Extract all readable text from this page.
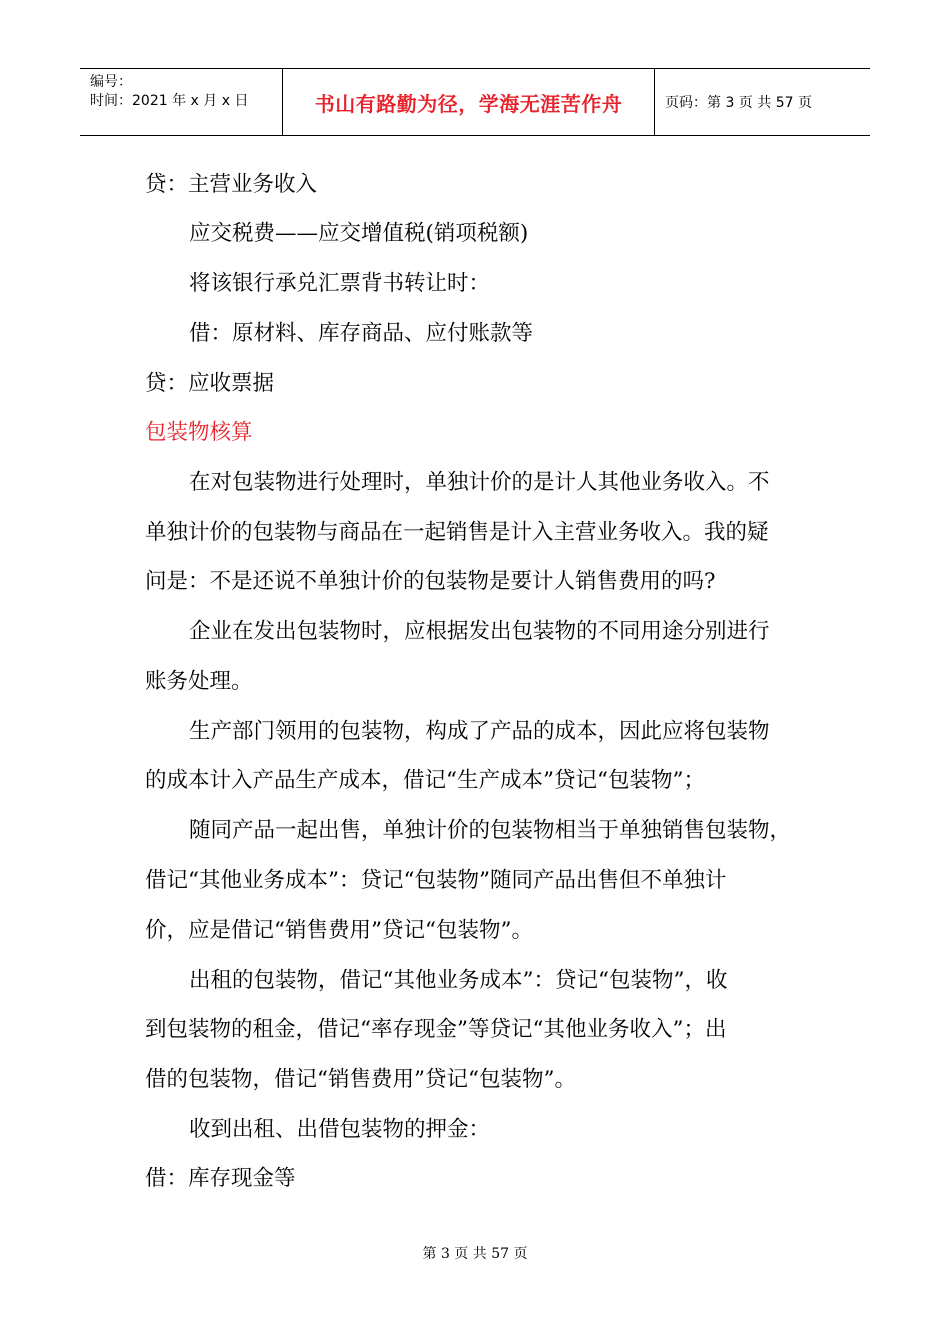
编号：
时间：2021 年 x 月 x 日	书山有路勤为径，学海无涯苦作舟	页码：第 3 页 共 57 页
贷：主营业务收入
应交税费——应交增值税(销项税额)
将该银行承兑汇票背书转让时：
借：原材料、库存商品、应付账款等
贷：应收票据
包装物核算
在对包装物进行处理时，单独计价的是计人其他业务收入。不
单独计价的包装物与商品在一起销售是计入主营业务收入。我的疑
问是：不是还说不单独计价的包装物是要计人销售费用的吗?
企业在发出包装物时，应根据发出包装物的不同用途分别进行
账务处理。
生产部门领用的包装物，构成了产品的成本，因此应将包装物
的成本计入产品生产成本，借记“生产成本”贷记“包装物”；
随同产品一起出售，单独计价的包装物相当于单独销售包装物，
借记“其他业务成本”：贷记“包装物”随同产品出售但不单独计
价，应是借记“销售费用”贷记“包装物”。
出租的包装物，借记“其他业务成本”：贷记“包装物”，收
到包装物的租金，借记“率存现金”等贷记“其他业务收入”；出
借的包装物，借记“销售费用”贷记“包装物”。
收到出租、出借包装物的押金：
借：库存现金等
第 3 页 共 57 页
